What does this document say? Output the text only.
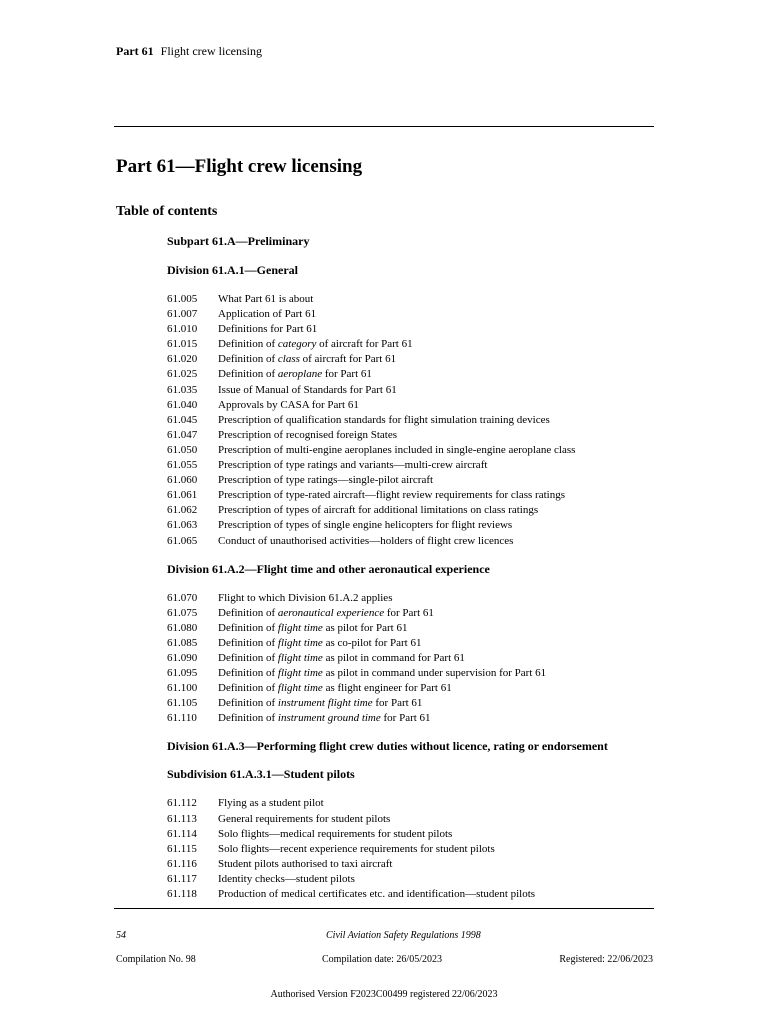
Part 61 Flight crew licensing
Part 61—Flight crew licensing
Table of contents
Subpart 61.A—Preliminary
Division 61.A.1—General
61.005	What Part 61 is about
61.007	Application of Part 61
61.010	Definitions for Part 61
61.015	Definition of category of aircraft for Part 61
61.020	Definition of class of aircraft for Part 61
61.025	Definition of aeroplane for Part 61
61.035	Issue of Manual of Standards for Part 61
61.040	Approvals by CASA for Part 61
61.045	Prescription of qualification standards for flight simulation training devices
61.047	Prescription of recognised foreign States
61.050	Prescription of multi-engine aeroplanes included in single-engine aeroplane class
61.055	Prescription of type ratings and variants—multi-crew aircraft
61.060	Prescription of type ratings—single-pilot aircraft
61.061	Prescription of type-rated aircraft—flight review requirements for class ratings
61.062	Prescription of types of aircraft for additional limitations on class ratings
61.063	Prescription of types of single engine helicopters for flight reviews
61.065	Conduct of unauthorised activities—holders of flight crew licences
Division 61.A.2—Flight time and other aeronautical experience
61.070	Flight to which Division 61.A.2 applies
61.075	Definition of aeronautical experience for Part 61
61.080	Definition of flight time as pilot for Part 61
61.085	Definition of flight time as co-pilot for Part 61
61.090	Definition of flight time as pilot in command for Part 61
61.095	Definition of flight time as pilot in command under supervision for Part 61
61.100	Definition of flight time as flight engineer for Part 61
61.105	Definition of instrument flight time for Part 61
61.110	Definition of instrument ground time for Part 61
Division 61.A.3—Performing flight crew duties without licence, rating or endorsement
Subdivision 61.A.3.1—Student pilots
61.112	Flying as a student pilot
61.113	General requirements for student pilots
61.114	Solo flights—medical requirements for student pilots
61.115	Solo flights—recent experience requirements for student pilots
61.116	Student pilots authorised to taxi aircraft
61.117	Identity checks—student pilots
61.118	Production of medical certificates etc. and identification—student pilots
54	Civil Aviation Safety Regulations 1998
Compilation No. 98	Compilation date: 26/05/2023	Registered: 22/06/2023
Authorised Version F2023C00499 registered 22/06/2023
